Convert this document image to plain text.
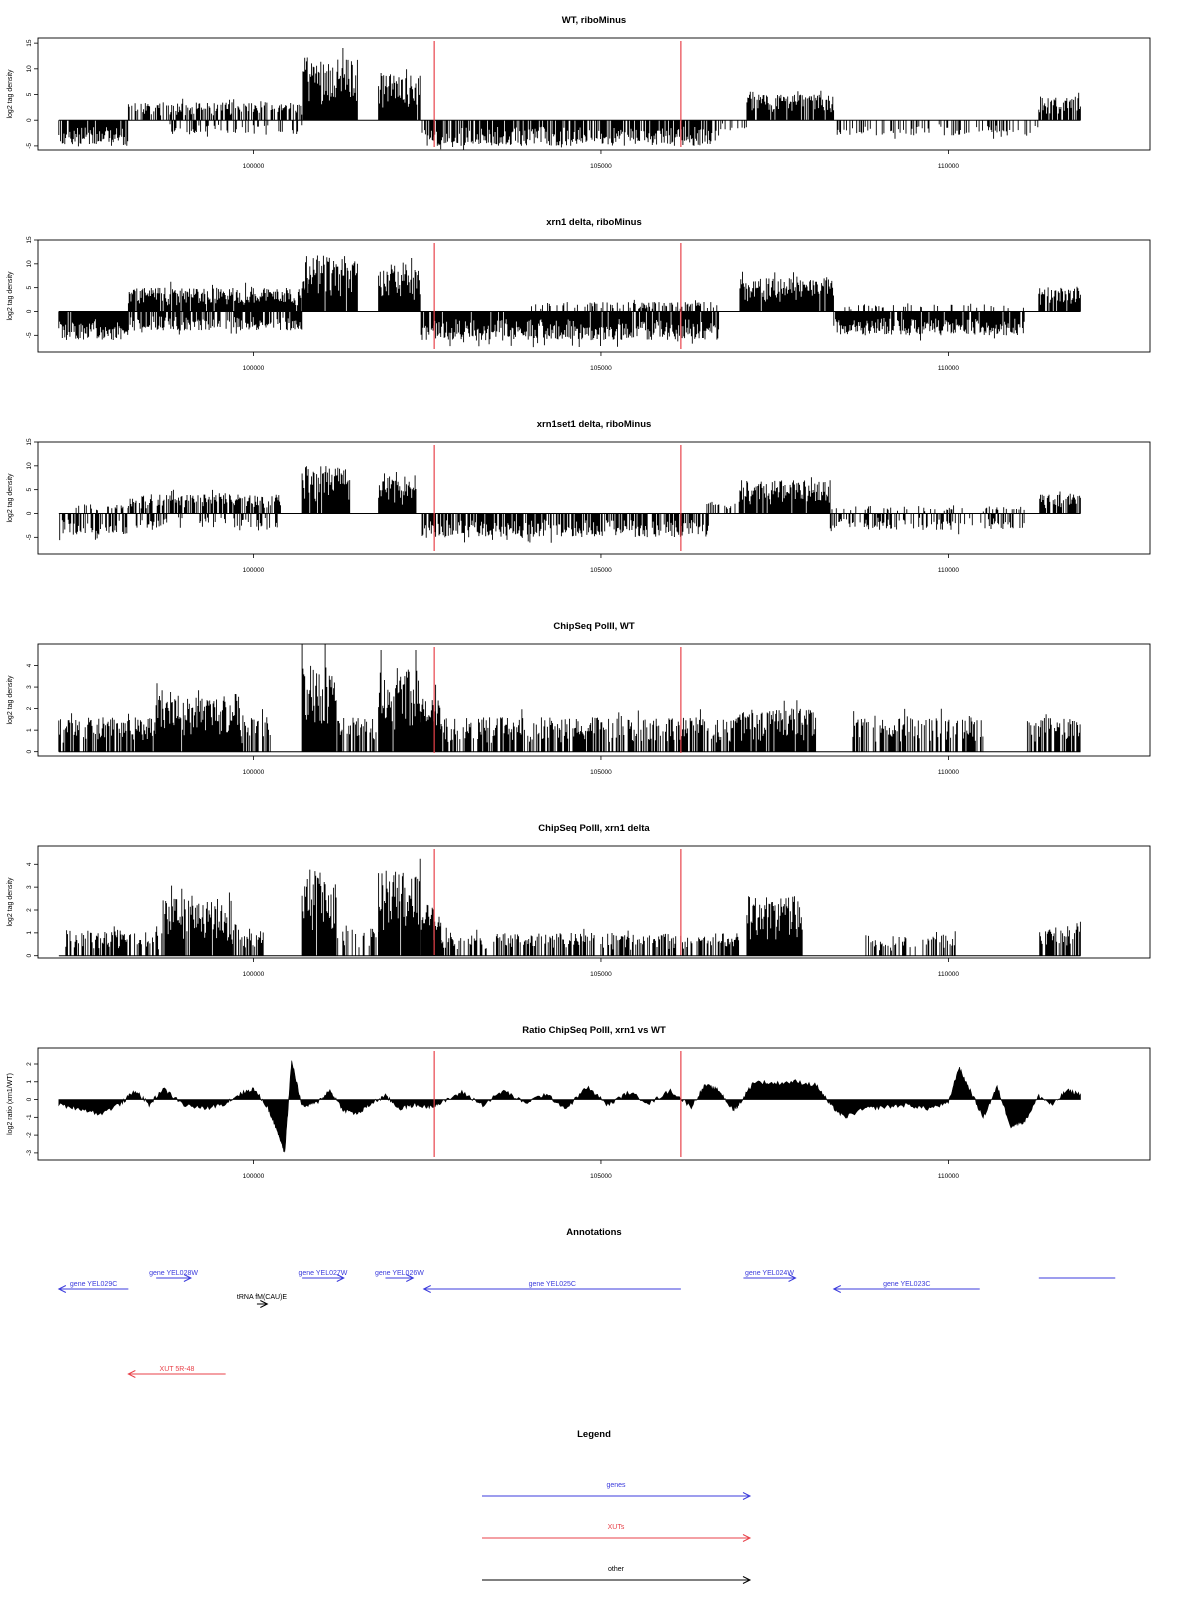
WT, riboMinus
log2 tag density
-5
0
5
10
15
100000	105000	110000
xrn1 delta, riboMinus
log2 tag density
-5
0
5
10
15
100000	105000	110000
xrn1set1 delta, riboMinus
log2 tag density
-5
0
5
10
15
100000	105000	110000
ChipSeq PolII, WT
log2 tag density
0
1
2
3
4
100000	105000	110000
ChipSeq PolII, xrn1 delta
log2 tag density
0
1
2
3
4
100000	105000	110000
Ratio ChipSeq PolII, xrn1 vs WT
log2 ratio (xrn1/WT)
-3
-2
-1
0
1
2
100000	105000	110000
Annotations
gene YEL029C
gene YEL028W	gene YEL027W	gene YEL026W
gene YEL025C
gene YEL024W
gene YEL023C
XUT 5R-48
tRNA fM(CAU)E
Legend
genes
XUTs
other
